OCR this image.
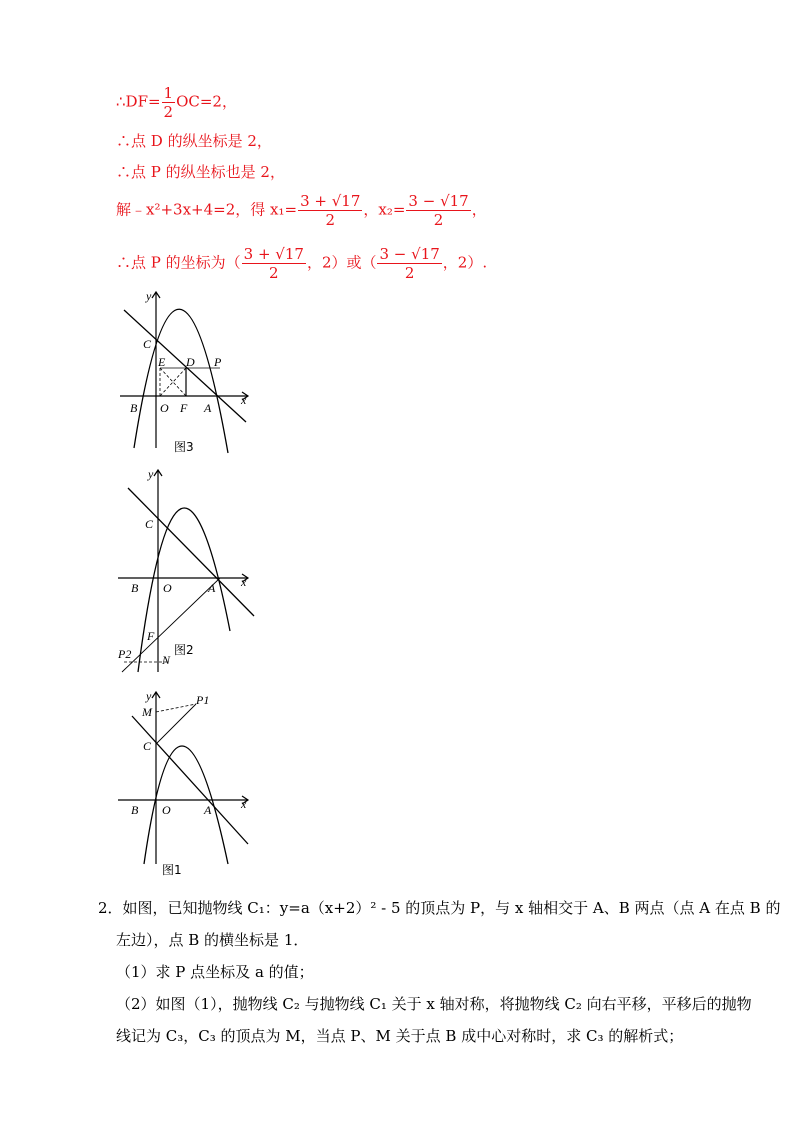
∴DF= $\frac{1}{2} OC=2$，
∴点 D 的纵坐标是 2，
∴点 P 的纵坐标也是 2，
解﹣x²+3x+4=2，得 $x_1= \frac{3 + √17}{2}$ ，$x_2= \frac{3 - √17}{2}$ ，
∴点 P 的坐标为（ $\frac{3 + √17}{2}$ ，2）或（ $\frac{3 - √17}{2}$ ，2）.
y
x
C
E D P
B O F A
图3
y
x
C
B O	A
F
P2	N
图2
y
x
M
P1
C
B O	A
图1
2．如图，已知抛物线 C₁：y=a（x+2）² - 5 的顶点为 P，与 x 轴相交于 A、B 两点（点 A 在点 B 的
左边），点 B 的横坐标是 1．
（1）求 P 点坐标及 a 的值；
（2）如图（1），抛物线 C₂ 与抛物线 C₁ 关于 x 轴对称，将抛物线 C₂ 向右平移，平移后的抛物
线记为 C₃，C₃ 的顶点为 M，当点 P、M 关于点 B 成中心对称时，求 C₃ 的解析式；
